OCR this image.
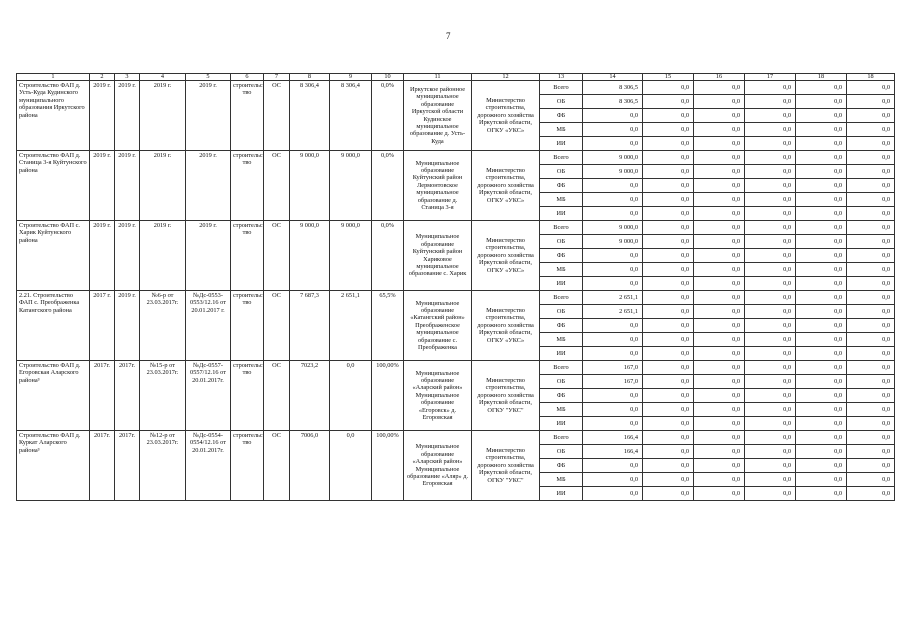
7
1	2	3	4	5	6	7	8	9	10	11	12	13	14	15	16	17	18	18
Строительство ФАП д. Усть-Куда Кудинского муниципального образования Иркутского района	2019 г.	2019 г.	2019 г.	2019 г.	строительс тво	ОС	8 306,4	8 306,4	0,0%	Иркутское районное муниципальное образование Иркутской области Кудинское муниципальное образование д. Усть-Куда	Министерство строительства, дорожного хозяйства Иркутской области, ОГКУ «УКС»	Всего	8 306,5	0,0	0,0	0,0	0,0	0,0
												ОБ	8 306,5	0,0	0,0	0,0	0,0	0,0
												ФБ	0,0	0,0	0,0	0,0	0,0	0,0
												МБ	0,0	0,0	0,0	0,0	0,0	0,0
												ИИ	0,0	0,0	0,0	0,0	0,0	0,0
Строительство ФАП д. Станица 3-я Куйтунского района	2019 г.	2019 г.	2019 г.	2019 г.	строительс тво	ОС	9 000,0	9 000,0	0,0%	Муниципальное образование Куйтунский район Лермонтовское муниципальное образование д. Станица 3-я	Министерство строительства, дорожного хозяйства Иркутской области, ОГКУ «УКС»	Всего	9 000,0	0,0	0,0	0,0	0,0	0,0
												ОБ	9 000,0	0,0	0,0	0,0	0,0	0,0
												ФБ	0,0	0,0	0,0	0,0	0,0	0,0
												МБ	0,0	0,0	0,0	0,0	0,0	0,0
												ИИ	0,0	0,0	0,0	0,0	0,0	0,0
Строительство ФАП с. Харик Куйтунского района	2019 г.	2019 г.	2019 г.	2019 г.	строительс тво	ОС	9 000,0	9 000,0	0,0%	Муниципальное образование Куйтунский район Хариковое муниципальное образование с. Харик	Министерство строительства, дорожного хозяйства Иркутской области, ОГКУ «УКС»	Всего	9 000,0	0,0	0,0	0,0	0,0	0,0
												ОБ	9 000,0	0,0	0,0	0,0	0,0	0,0
												ФБ	0,0	0,0	0,0	0,0	0,0	0,0
												МБ	0,0	0,0	0,0	0,0	0,0	0,0
												ИИ	0,0	0,0	0,0	0,0	0,0	0,0
2.21. Строительство ФАП с. Преображенка Катангского района	2017 г.	2019 г.	№6-р от 23.03.2017г.	№Дс-0553-0553/12.16 от 20.01.2017 г.	строительс тво	ОС	7 687,3	2 651,1	65,5%	Муниципальное образование «Катангский район» Преображенское муниципальное образование с. Преображенка	Министерство строительства, дорожного хозяйства Иркутской области, ОГКУ «УКС»	Всего	2 651,1	0,0	0,0	0,0	0,0	0,0
												ОБ	2 651,1	0,0	0,0	0,0	0,0	0,0
												ФБ	0,0	0,0	0,0	0,0	0,0	0,0
												МБ	0,0	0,0	0,0	0,0	0,0	0,0
												ИИ	0,0	0,0	0,0	0,0	0,0	0,0
Строительство ФАП д. Егоровская Аларского района³	2017г.	2017г.	№15-р от 23.03.2017г.	№Дс-0557-0557/12.16 от 20.01.2017г.	строительс тво	ОС	7023,2	0,0	100,00%	Муниципальное образование «Аларский район» Муниципальное образование «Егоровск» д. Егоровская	Министерство строительства, дорожного хозяйства Иркутской области, ОГКУ "УКС"	Всего	167,0	0,0	0,0	0,0	0,0	0,0
												ОБ	167,0	0,0	0,0	0,0	0,0	0,0
												ФБ	0,0	0,0	0,0	0,0	0,0	0,0
												МБ	0,0	0,0	0,0	0,0	0,0	0,0
												ИИ	0,0	0,0	0,0	0,0	0,0	0,0
Строительство ФАП д. Куркат Аларского района³	2017г.	2017г.	№12-р от 23.03.2017г.	№Дс-0554-0554/12.16 от 20.01.2017г.	строительс тво	ОС	7006,0	0,0	100,00%	Муниципальное образование «Аларский район» Муниципальное образование «Аляр» д. Егоровская	Министерство строительства, дорожного хозяйства Иркутской области, ОГКУ "УКС"	Всего	166,4	0,0	0,0	0,0	0,0	0,0
												ОБ	166,4	0,0	0,0	0,0	0,0	0,0
												ФБ	0,0	0,0	0,0	0,0	0,0	0,0
												МБ	0,0	0,0	0,0	0,0	0,0	0,0
												ИИ	0,0	0,0	0,0	0,0	0,0	0,0
